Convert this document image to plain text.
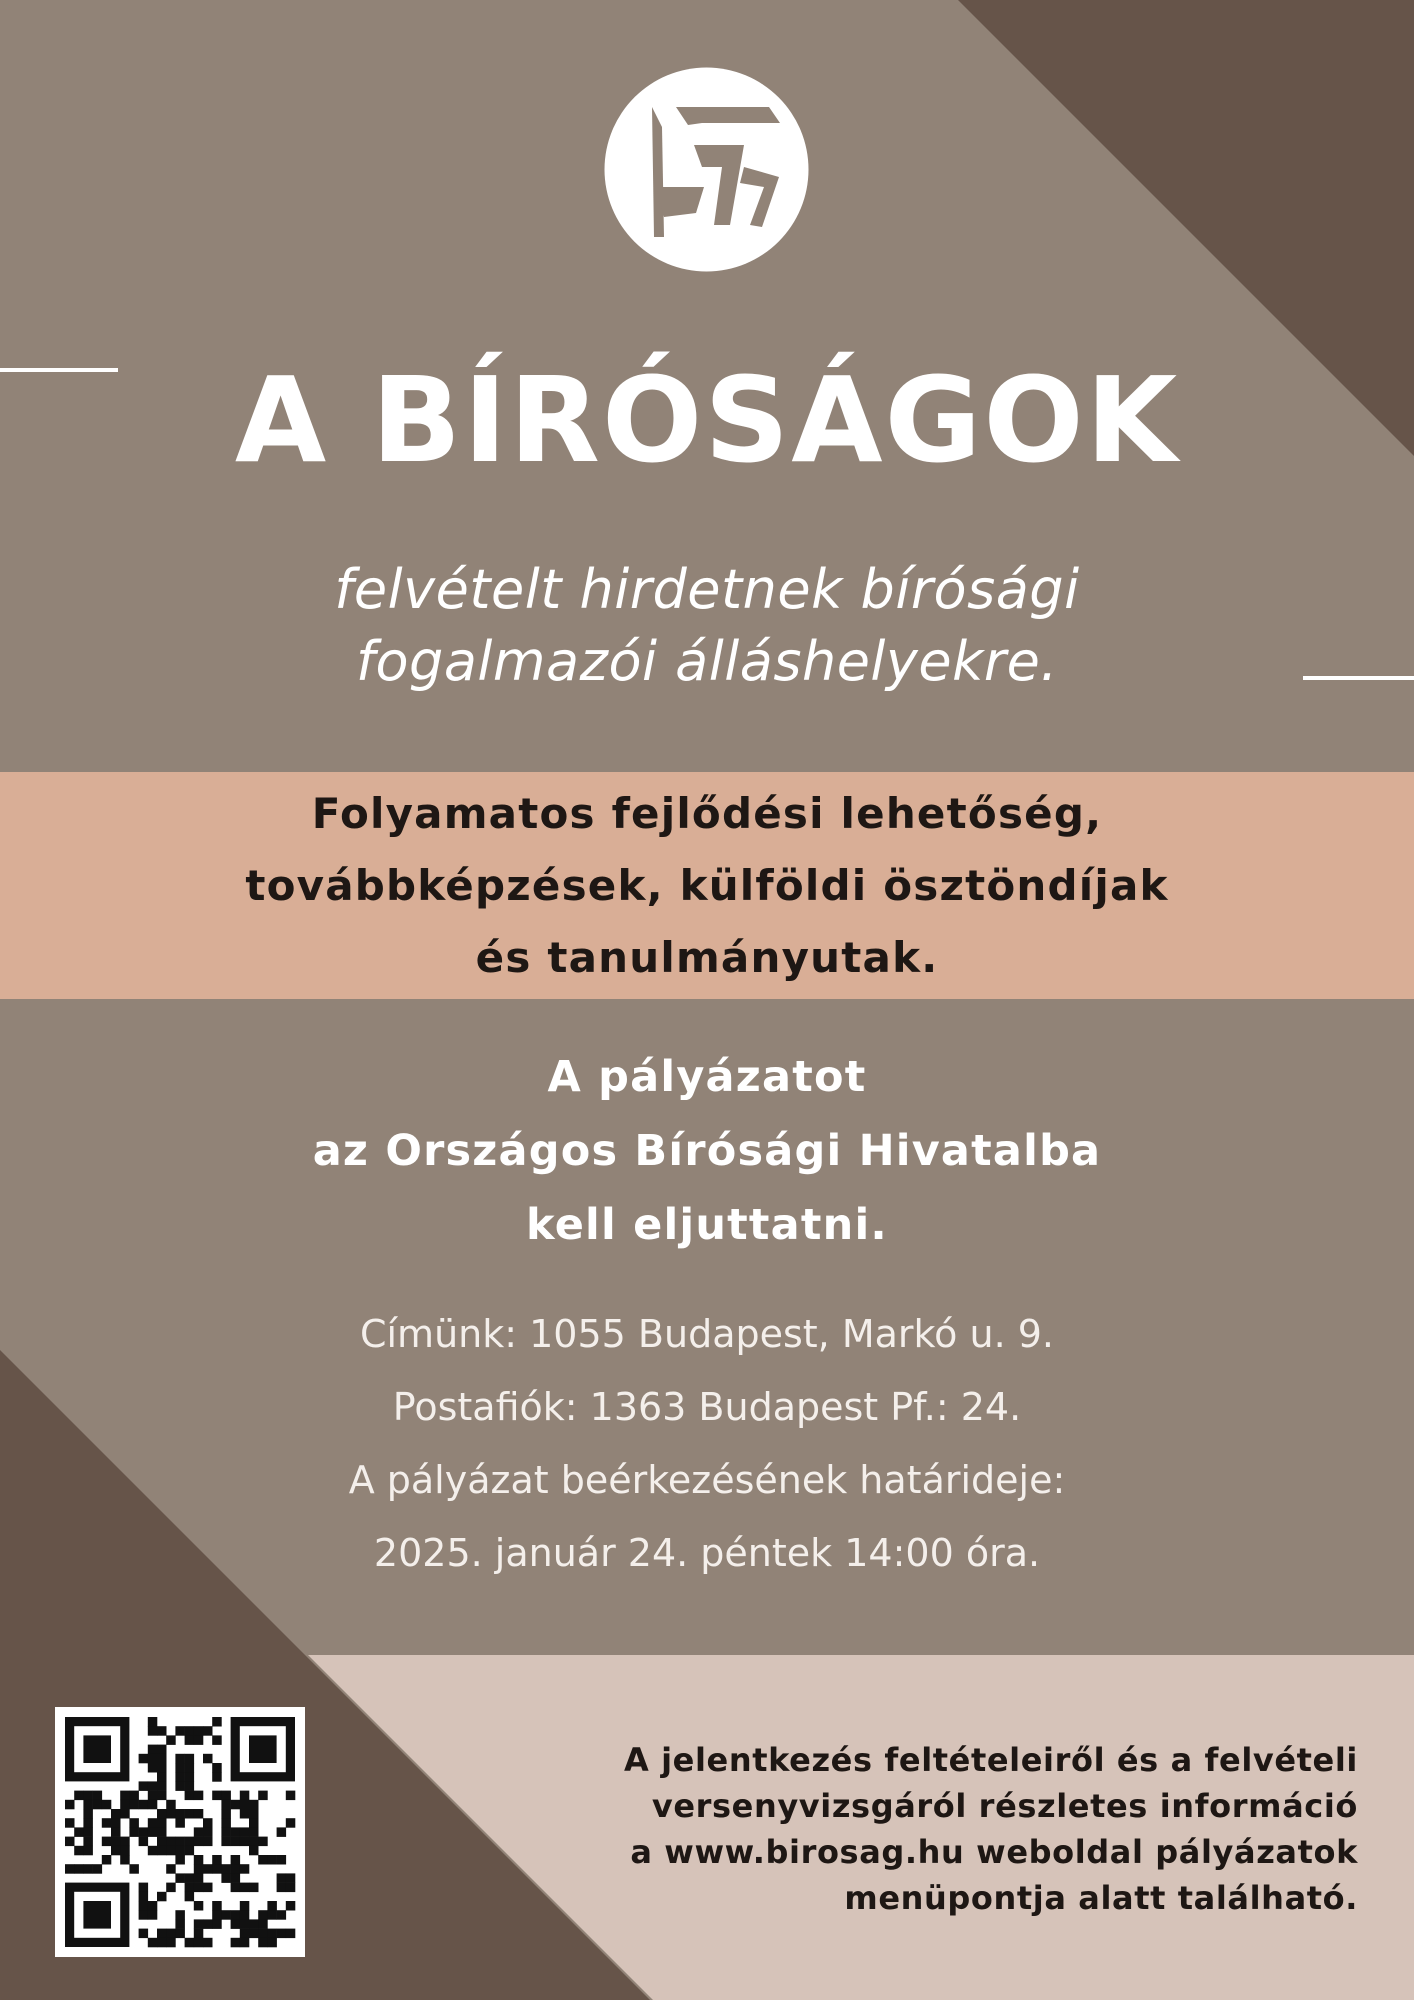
A BÍRÓSÁGOK
felvételt hirdetnek bírósági
fogalmazói álláshelyekre.
Folyamatos fejlődési lehetőség,
továbbképzések, külföldi ösztöndíjak
és tanulmányutak.
A pályázatot
az Országos Bírósági Hivatalba
kell eljuttatni.
Címünk: 1055 Budapest, Markó u. 9.
Postafiók: 1363 Budapest Pf.: 24.
A pályázat beérkezésének határideje:
2025. január 24. péntek 14:00 óra.
A jelentkezés feltételeiről és a felvételi
versenyvizsgáról részletes információ
a www.birosag.hu weboldal pályázatok
menüpontja alatt található.
